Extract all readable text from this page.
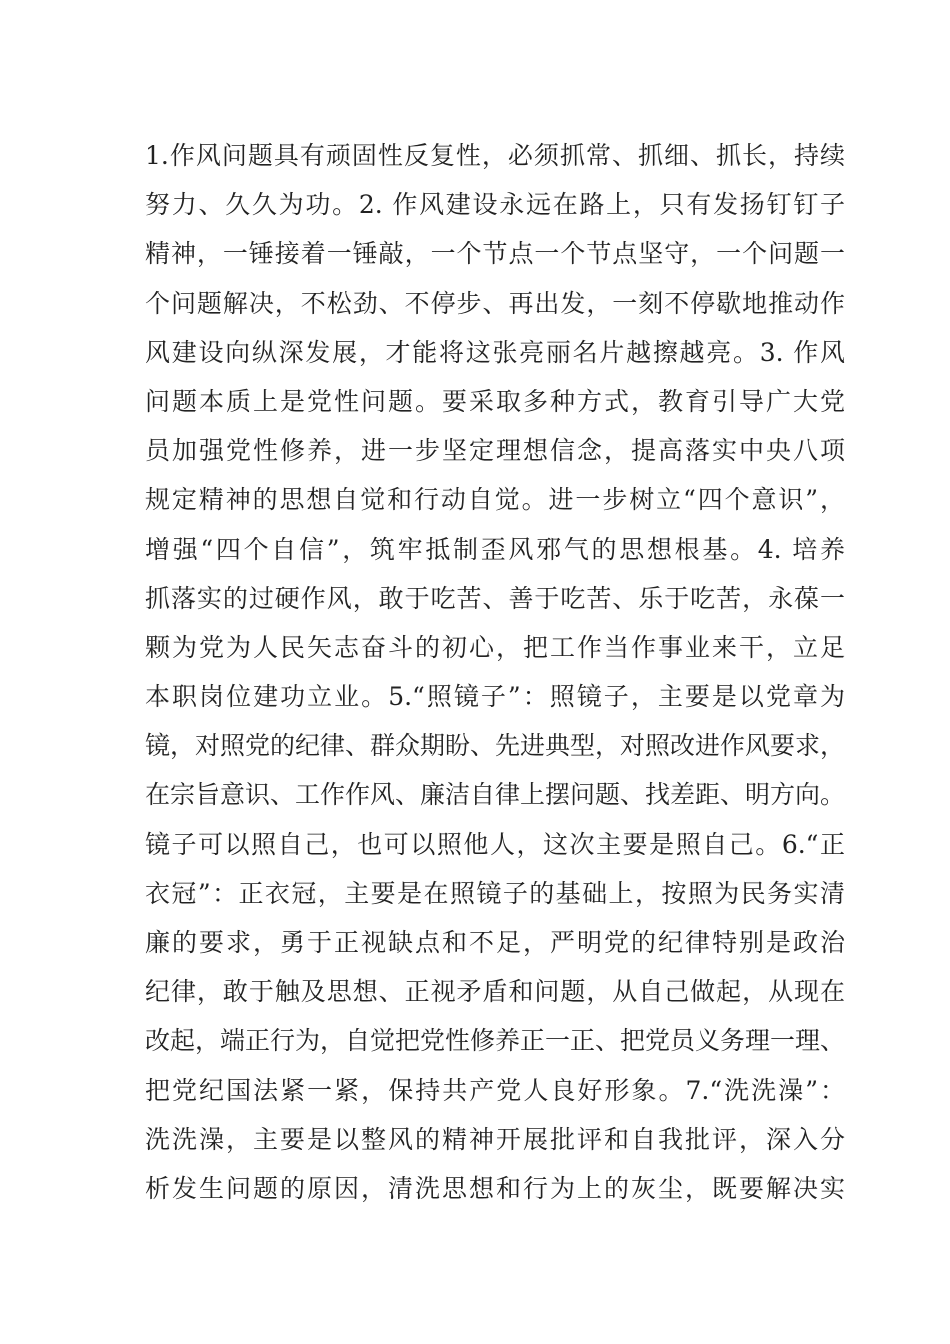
1.作风问题具有顽固性反复性，必须抓常、抓细、抓长，持续
努力、久久为功。2. 作风建设永远在路上，只有发扬钉钉子
精神，一锤接着一锤敲，一个节点一个节点坚守，一个问题一
个问题解决，不松劲、不停步、再出发，一刻不停歇地推动作
风建设向纵深发展，才能将这张亮丽名片越擦越亮。3. 作风
问题本质上是党性问题。要采取多种方式，教育引导广大党
员加强党性修养，进一步坚定理想信念，提高落实中央八项
规定精神的思想自觉和行动自觉。进一步树立“四个意识”，
增强“四个自信”，筑牢抵制歪风邪气的思想根基。4. 培养
抓落实的过硬作风，敢于吃苦、善于吃苦、乐于吃苦，永葆一
颗为党为人民矢志奋斗的初心，把工作当作事业来干，立足
本职岗位建功立业。5.“照镜子”：照镜子，主要是以党章为
镜，对照党的纪律、群众期盼、先进典型，对照改进作风要求，
在宗旨意识、工作作风、廉洁自律上摆问题、找差距、明方向。
镜子可以照自己，也可以照他人，这次主要是照自己。6.“正
衣冠”：正衣冠，主要是在照镜子的基础上，按照为民务实清
廉的要求，勇于正视缺点和不足，严明党的纪律特别是政治
纪律，敢于触及思想、正视矛盾和问题，从自己做起，从现在
改起，端正行为，自觉把党性修养正一正、把党员义务理一理、
把党纪国法紧一紧，保持共产党人良好形象。7.“洗洗澡”：
洗洗澡，主要是以整风的精神开展批评和自我批评，深入分
析发生问题的原因，清洗思想和行为上的灰尘，既要解决实
